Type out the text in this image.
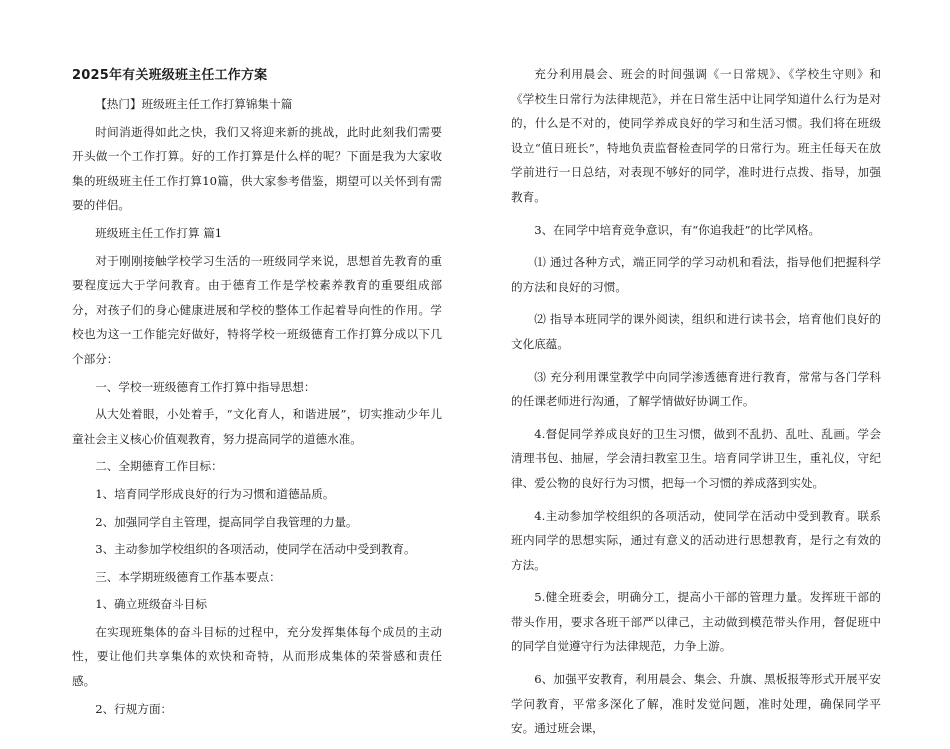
2025年有关班级班主任工作方案

【热门】班级班主任工作打算锦集十篇

时间消逝得如此之快，我们又将迎来新的挑战，此时此刻我们需要开头做一个工作打算。好的工作打算是什么样的呢？下面是我为大家收集的班级班主任工作打算10篇，供大家参考借鉴，期望可以关怀到有需要的伴侣。

班级班主任工作打算 篇1

对于刚刚接触学校学习生活的一班级同学来说，思想首先教育的重要程度远大于学问教育。由于德育工作是学校素养教育的重要组成部分，对孩子们的身心健康进展和学校的整体工作起着导向性的作用。学校也为这一工作能完好做好，特将学校一班级德育工作打算分成以下几个部分：

一、学校一班级德育工作打算中指导思想：

从大处着眼，小处着手，“文化育人，和谐进展”，切实推动少年儿童社会主义核心价值观教育，努力提高同学的道德水准。

二、全期德育工作目标：

1、培育同学形成良好的行为习惯和道德品质。

2、加强同学自主管理，提高同学自我管理的力量。

3、主动参加学校组织的各项活动，使同学在活动中受到教育。

三、本学期班级德育工作基本要点：

1、确立班级奋斗目标

在实现班集体的奋斗目标的过程中，充分发挥集体每个成员的主动性，要让他们共享集体的欢快和奇特，从而形成集体的荣誉感和责任感。

2、行规方面：

充分利用晨会、班会的时间强调《一日常规》、《学校生守则》和《学校生日常行为法律规范》，并在日常生活中让同学知道什么行为是对的，什么是不对的，使同学养成良好的学习和生活习惯。我们将在班级设立“值日班长”，特地负责监督检查同学的日常行为。班主任每天在放学前进行一日总结，对表现不够好的同学，准时进行点拨、指导，加强教育。

3、在同学中培育竞争意识，有“你追我赶”的比学风格。

⑴ 通过各种方式，端正同学的学习动机和看法，指导他们把握科学的方法和良好的习惯。

⑵ 指导本班同学的课外阅读，组织和进行读书会，培育他们良好的文化底蕴。

⑶ 充分利用课堂教学中向同学渗透德育进行教育，常常与各门学科的任课老师进行沟通，了解学情做好协调工作。

4.督促同学养成良好的卫生习惯，做到不乱扔、乱吐、乱画。学会清理书包、抽屉，学会清扫教室卫生。培育同学讲卫生，重礼仪，守纪律、爱公物的良好行为习惯，把每一个习惯的养成落到实处。

4.主动参加学校组织的各项活动，使同学在活动中受到教育。联系班内同学的思想实际，通过有意义的活动进行思想教育，是行之有效的方法。

5.健全班委会，明确分工，提高小干部的管理力量。发挥班干部的带头作用，要求各班干部严以律己，主动做到模范带头作用，督促班中的同学自觉遵守行为法律规范，力争上游。

6、加强平安教育，利用晨会、集会、升旗、黑板报等形式开展平安学问教育，平常多深化了解，准时发觉问题，准时处理，确保同学平安。通过班会课，
